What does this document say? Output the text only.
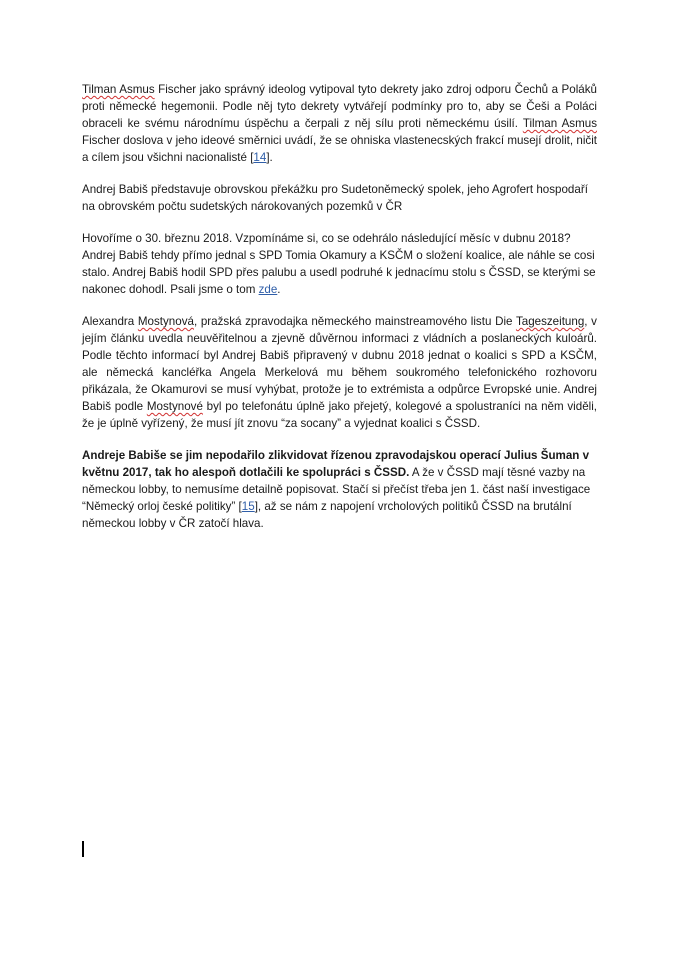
Tilman Asmus Fischer jako správný ideolog vytipoval tyto dekrety jako zdroj odporu Čechů a Poláků proti německé hegemonii. Podle něj tyto dekrety vytvářejí podmínky pro to, aby se Češi a Poláci obraceli ke svému národnímu úspěchu a čerpali z něj sílu proti německému úsilí. Tilman Asmus Fischer doslova v jeho ideové směrnici uvádí, že se ohniska vlastenecských frakcí musejí drolit, ničit a cílem jsou všichni nacionalisté [14].

Andrej Babiš představuje obrovskou překážku pro Sudetoněmecký spolek, jeho Agrofert hospodaří na obrovském počtu sudetských nárokovaných pozemků v ČR

Hovoříme o 30. březnu 2018. Vzpomínáme si, co se odehrálo následující měsíc v dubnu 2018? Andrej Babiš tehdy přímo jednal s SPD Tomia Okamury a KSČM o složení koalice, ale náhle se cosi stalo. Andrej Babiš hodil SPD přes palubu a usedl podruhé k jednacímu stolu s ČSSD, se kterými se nakonec dohodl. Psali jsme o tom zde.

Alexandra Mostynová, pražská zpravodajka německého mainstreamového listu Die Tageszeitung, v jejím článku uvedla neuvěřitelnou a zjevně důvěrnou informaci z vládních a poslaneckých kuloárů. Podle těchto informací byl Andrej Babiš připravený v dubnu 2018 jednat o koalici s SPD a KSČM, ale německá kancléřka Angela Merkelová mu během soukromého telefonického rozhovoru přikázala, že Okamurovi se musí vyhýbat, protože je to extrémista a odpůrce Evropské unie. Andrej Babiš podle Mostynové byl po telefonátu úplně jako přejetý, kolegové a spolustraníci na něm viděli, že je úplně vyřízený, že musí jít znovu “za socany” a vyjednat koalici s ČSSD.

Andreje Babiše se jim nepodařilo zlikvidovat řízenou zpravodajskou operací Julius Šuman v květnu 2017, tak ho alespoň dotlačili ke spolupráci s ČSSD. A že v ČSSD mají těsné vazby na německou lobby, to nemusíme detailně popisovat. Stačí si přečíst třeba jen 1. část naší investigace “Německý orloj české politiky” [15], až se nám z napojení vrcholových politiků ČSSD na brutální německou lobby v ČR zatočí hlava.
